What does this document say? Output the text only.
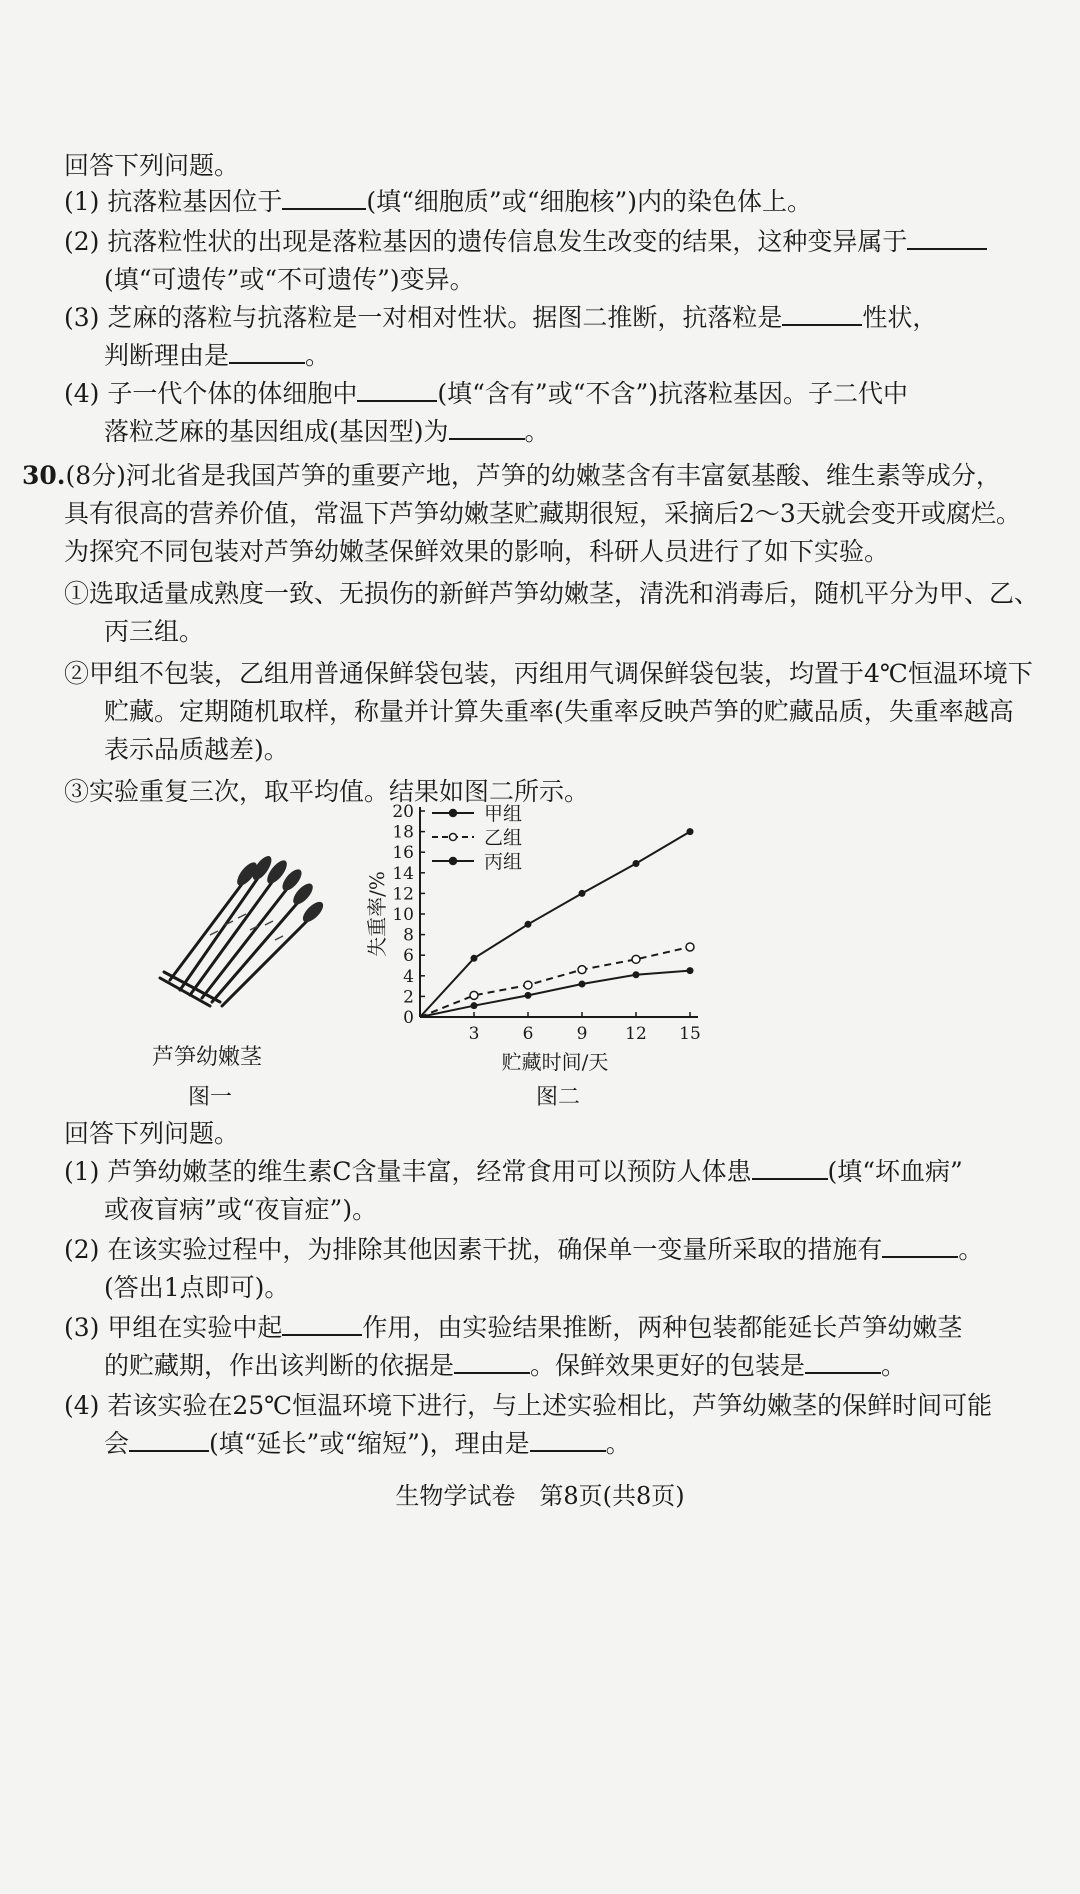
回答下列问题。
(1) 抗落粒基因位于	(填“细胞质”或“细胞核”)内的染色体上。
(2) 抗落粒性状的出现是落粒基因的遗传信息发生改变的结果，这种变异属于
(填“可遗传”或“不可遗传”)变异。
(3) 芝麻的落粒与抗落粒是一对相对性状。据图二推断，抗落粒是	性状，
判断理由是	。
(4) 子一代个体的体细胞中	(填“含有”或“不含”)抗落粒基因。子二代中
落粒芝麻的基因组成(基因型)为	。
30.(8分)河北省是我国芦笋的重要产地，芦笋的幼嫩茎含有丰富氨基酸、维生素等成分，
具有很高的营养价值，常温下芦笋幼嫩茎贮藏期很短，采摘后2～3天就会变开或腐烂。
为探究不同包装对芦笋幼嫩茎保鲜效果的影响，科研人员进行了如下实验。
①选取适量成熟度一致、无损伤的新鲜芦笋幼嫩茎，清洗和消毒后，随机平分为甲、乙、
丙三组。
②甲组不包装，乙组用普通保鲜袋包装，丙组用气调保鲜袋包装，均置于4℃恒温环境下
贮藏。定期随机取样，称量并计算失重率(失重率反映芦笋的贮藏品质，失重率越高
表示品质越差)。
③实验重复三次，取平均值。结果如图二所示。
芦笋幼嫩茎
图一
0
2
4
6
8
10
12
14
16
18
20
3	6	9 12 15
贮藏时间/天
失重率/%
甲组
乙组
丙组
图二
回答下列问题。
(1) 芦笋幼嫩茎的维生素C含量丰富，经常食用可以预防人体患	(填“坏血病”
或夜盲病”或“夜盲症”)。
(2) 在该实验过程中，为排除其他因素干扰，确保单一变量所采取的措施有	。
(答出1点即可)。
(3) 甲组在实验中起	作用，由实验结果推断，两种包装都能延长芦笋幼嫩茎
的贮藏期，作出该判断的依据是	。保鲜效果更好的包装是	。
(4) 若该实验在25℃恒温环境下进行，与上述实验相比，芦笋幼嫩茎的保鲜时间可能
会	(填“延长”或“缩短”)，理由是	。
生物学试卷　第8页(共8页)
